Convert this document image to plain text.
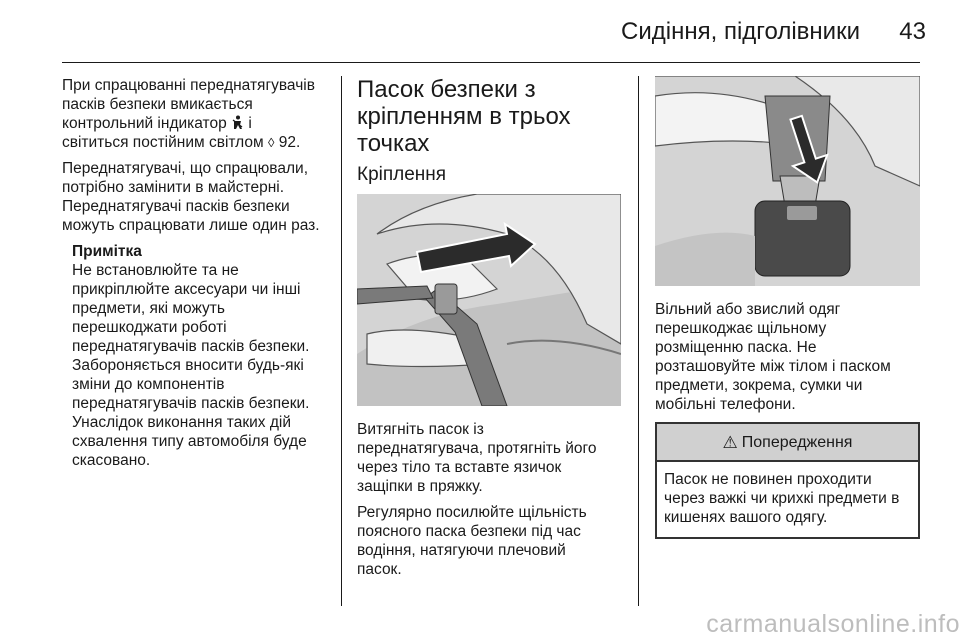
Сидіння, підголівники	43

При спрацюванні переднатягувачів
пасків безпеки вмикається
контрольний індикатор  і
світиться постійним світлом ◊ 92.

Переднатягувачі, що спрацювали,
потрібно замінити в майстерні.
Переднатягувачі пасків безпеки
можуть спрацювати лише один раз.

Примітка
Не встановлюйте та не
прикріплюйте аксесуари чи інші
предмети, які можуть
перешкоджати роботі
переднатягувачів пасків безпеки.
Забороняється вносити будь-які
зміни до компонентів
переднатягувачів пасків безпеки.
Унаслідок виконання таких дій
схвалення типу автомобіля буде
скасовано.
Пасок безпеки з
кріпленням в трьох
точках
Кріплення

Витягніть пасок із
переднатягувача, протягніть його
через тіло та вставте язичок
защіпки в пряжку.

Регулярно посилюйте щільність
поясного паска безпеки під час
водіння, натягуючи плечовий
пасок.

Вільний або звислий одяг
перешкоджає щільному
розміщенню паска. Не
розташовуйте між тілом і паском
предмети, зокрема, сумки чи
мобільні телефони.

⚠ Попередження
Пасок не повинен проходити
через важкі чи крихкі предмети в
кишенях вашого одягу.
carmanualsonline.info
